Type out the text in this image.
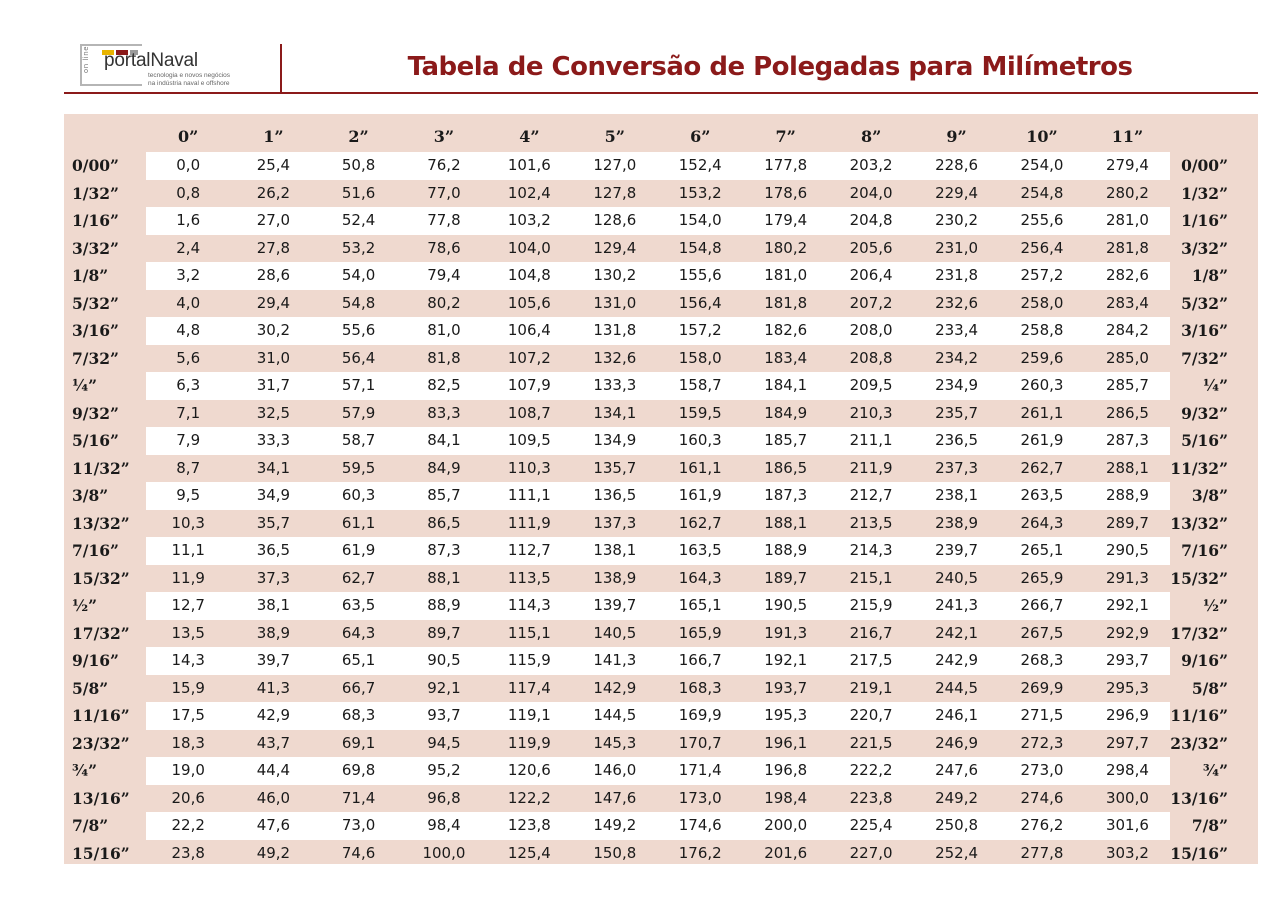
on line portalNaval
tecnologia e novos negócios
na indústria naval e offshore
Tabela de Conversão de Polegadas para Milímetros
	0”	1”	2”	3”	4”	5”	6”	7”	8”	9”	10”	11”	
0/00”	0,0	25,4	50,8	76,2	101,6	127,0	152,4	177,8	203,2	228,6	254,0	279,4	0/00”
1/32”	0,8	26,2	51,6	77,0	102,4	127,8	153,2	178,6	204,0	229,4	254,8	280,2	1/32”
1/16”	1,6	27,0	52,4	77,8	103,2	128,6	154,0	179,4	204,8	230,2	255,6	281,0	1/16”
3/32”	2,4	27,8	53,2	78,6	104,0	129,4	154,8	180,2	205,6	231,0	256,4	281,8	3/32”
1/8”	3,2	28,6	54,0	79,4	104,8	130,2	155,6	181,0	206,4	231,8	257,2	282,6	1/8”
5/32”	4,0	29,4	54,8	80,2	105,6	131,0	156,4	181,8	207,2	232,6	258,0	283,4	5/32”
3/16”	4,8	30,2	55,6	81,0	106,4	131,8	157,2	182,6	208,0	233,4	258,8	284,2	3/16”
7/32”	5,6	31,0	56,4	81,8	107,2	132,6	158,0	183,4	208,8	234,2	259,6	285,0	7/32”
¼”	6,3	31,7	57,1	82,5	107,9	133,3	158,7	184,1	209,5	234,9	260,3	285,7	¼”
9/32”	7,1	32,5	57,9	83,3	108,7	134,1	159,5	184,9	210,3	235,7	261,1	286,5	9/32”
5/16”	7,9	33,3	58,7	84,1	109,5	134,9	160,3	185,7	211,1	236,5	261,9	287,3	5/16”
11/32”	8,7	34,1	59,5	84,9	110,3	135,7	161,1	186,5	211,9	237,3	262,7	288,1	11/32”
3/8”	9,5	34,9	60,3	85,7	111,1	136,5	161,9	187,3	212,7	238,1	263,5	288,9	3/8”
13/32”	10,3	35,7	61,1	86,5	111,9	137,3	162,7	188,1	213,5	238,9	264,3	289,7	13/32”
7/16”	11,1	36,5	61,9	87,3	112,7	138,1	163,5	188,9	214,3	239,7	265,1	290,5	7/16”
15/32”	11,9	37,3	62,7	88,1	113,5	138,9	164,3	189,7	215,1	240,5	265,9	291,3	15/32”
½”	12,7	38,1	63,5	88,9	114,3	139,7	165,1	190,5	215,9	241,3	266,7	292,1	½”
17/32”	13,5	38,9	64,3	89,7	115,1	140,5	165,9	191,3	216,7	242,1	267,5	292,9	17/32”
9/16”	14,3	39,7	65,1	90,5	115,9	141,3	166,7	192,1	217,5	242,9	268,3	293,7	9/16”
5/8”	15,9	41,3	66,7	92,1	117,4	142,9	168,3	193,7	219,1	244,5	269,9	295,3	5/8”
11/16”	17,5	42,9	68,3	93,7	119,1	144,5	169,9	195,3	220,7	246,1	271,5	296,9	11/16”
23/32”	18,3	43,7	69,1	94,5	119,9	145,3	170,7	196,1	221,5	246,9	272,3	297,7	23/32”
¾”	19,0	44,4	69,8	95,2	120,6	146,0	171,4	196,8	222,2	247,6	273,0	298,4	¾”
13/16”	20,6	46,0	71,4	96,8	122,2	147,6	173,0	198,4	223,8	249,2	274,6	300,0	13/16”
7/8”	22,2	47,6	73,0	98,4	123,8	149,2	174,6	200,0	225,4	250,8	276,2	301,6	7/8”
15/16”	23,8	49,2	74,6	100,0	125,4	150,8	176,2	201,6	227,0	252,4	277,8	303,2	15/16”
